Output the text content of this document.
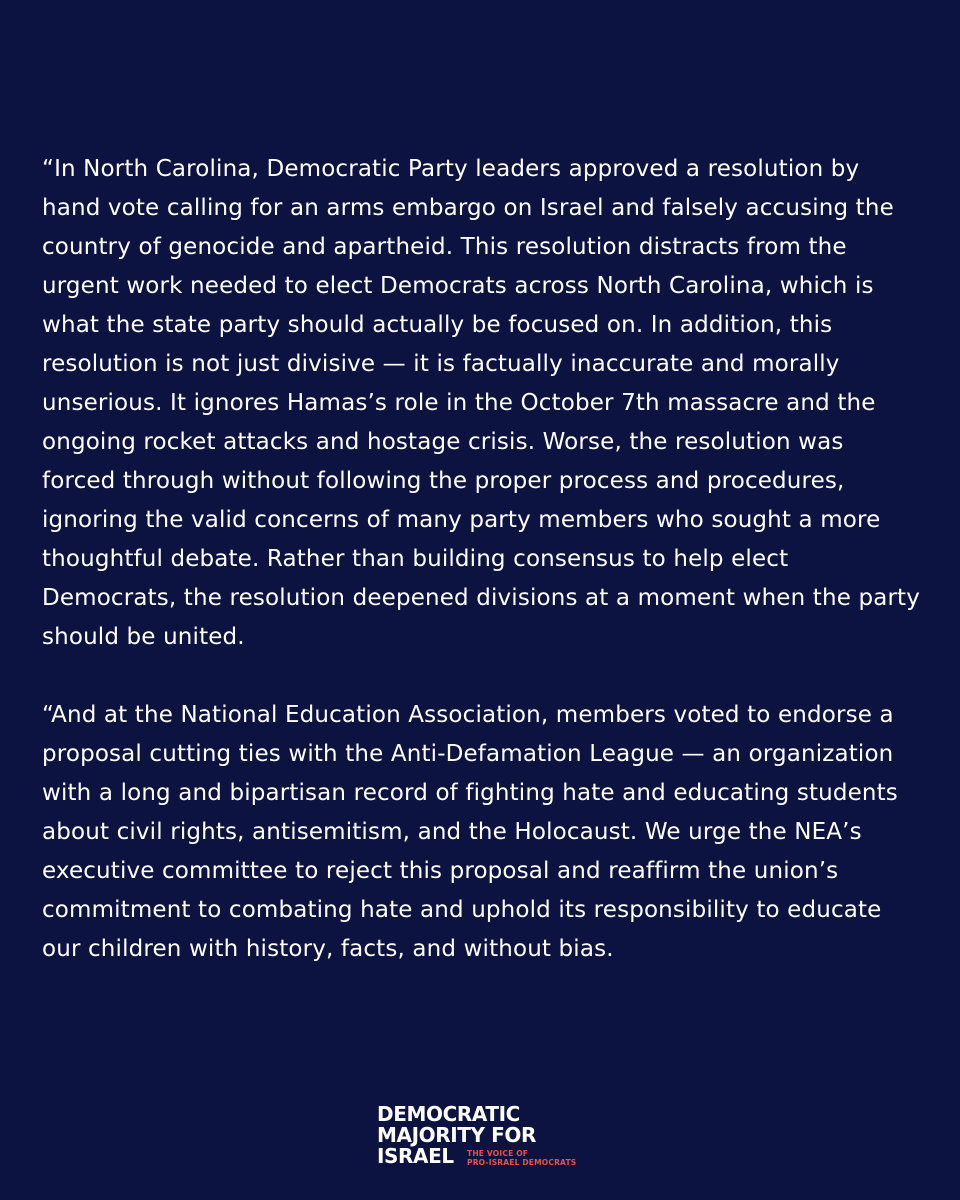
“In North Carolina, Democratic Party leaders approved a resolution by hand vote calling for an arms embargo on Israel and falsely accusing the country of genocide and apartheid. This resolution distracts from the urgent work needed to elect Democrats across North Carolina, which is what the state party should actually be focused on. In addition, this resolution is not just divisive — it is factually inaccurate and morally unserious. It ignores Hamas’s role in the October 7th massacre and the ongoing rocket attacks and hostage crisis. Worse, the resolution was forced through without following the proper process and procedures, ignoring the valid concerns of many party members who sought a more thoughtful debate. Rather than building consensus to help elect Democrats, the resolution deepened divisions at a moment when the party should be united.

“And at the National Education Association, members voted to endorse a proposal cutting ties with the Anti-Defamation League — an organization with a long and bipartisan record of fighting hate and educating students about civil rights, antisemitism, and the Holocaust. We urge the NEA’s executive committee to reject this proposal and reaffirm the union’s commitment to combating hate and uphold its responsibility to educate our children with history, facts, and without bias.

DEMOCRATIC
MAJORITY FOR
ISRAEL THE VOICE OF
PRO-ISRAEL DEMOCRATS
